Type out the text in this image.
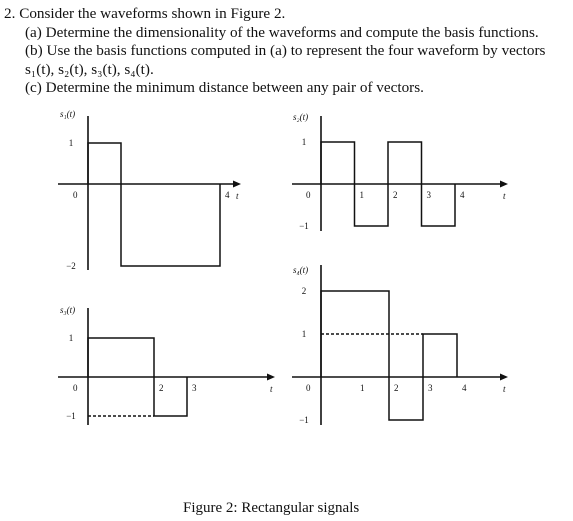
2. Consider the waveforms shown in Figure 2.
(a) Determine the dimensionality of the waveforms and compute the basis functions.
(b) Use the basis functions computed in (a) to represent the four waveform by vectors
s₁(t), s₂(t), s₃(t), s₄(t).
(c) Determine the minimum distance between any pair of vectors.
s₁(t)
t
0	4
1
−2
s₂(t)
t
0	1	2	3	4
1
−1
s₃(t)
t
0	2	3
1
−1
s₄(t)
t
0	1	2	3	4
2
1
−1
Figure 2: Rectangular signals
